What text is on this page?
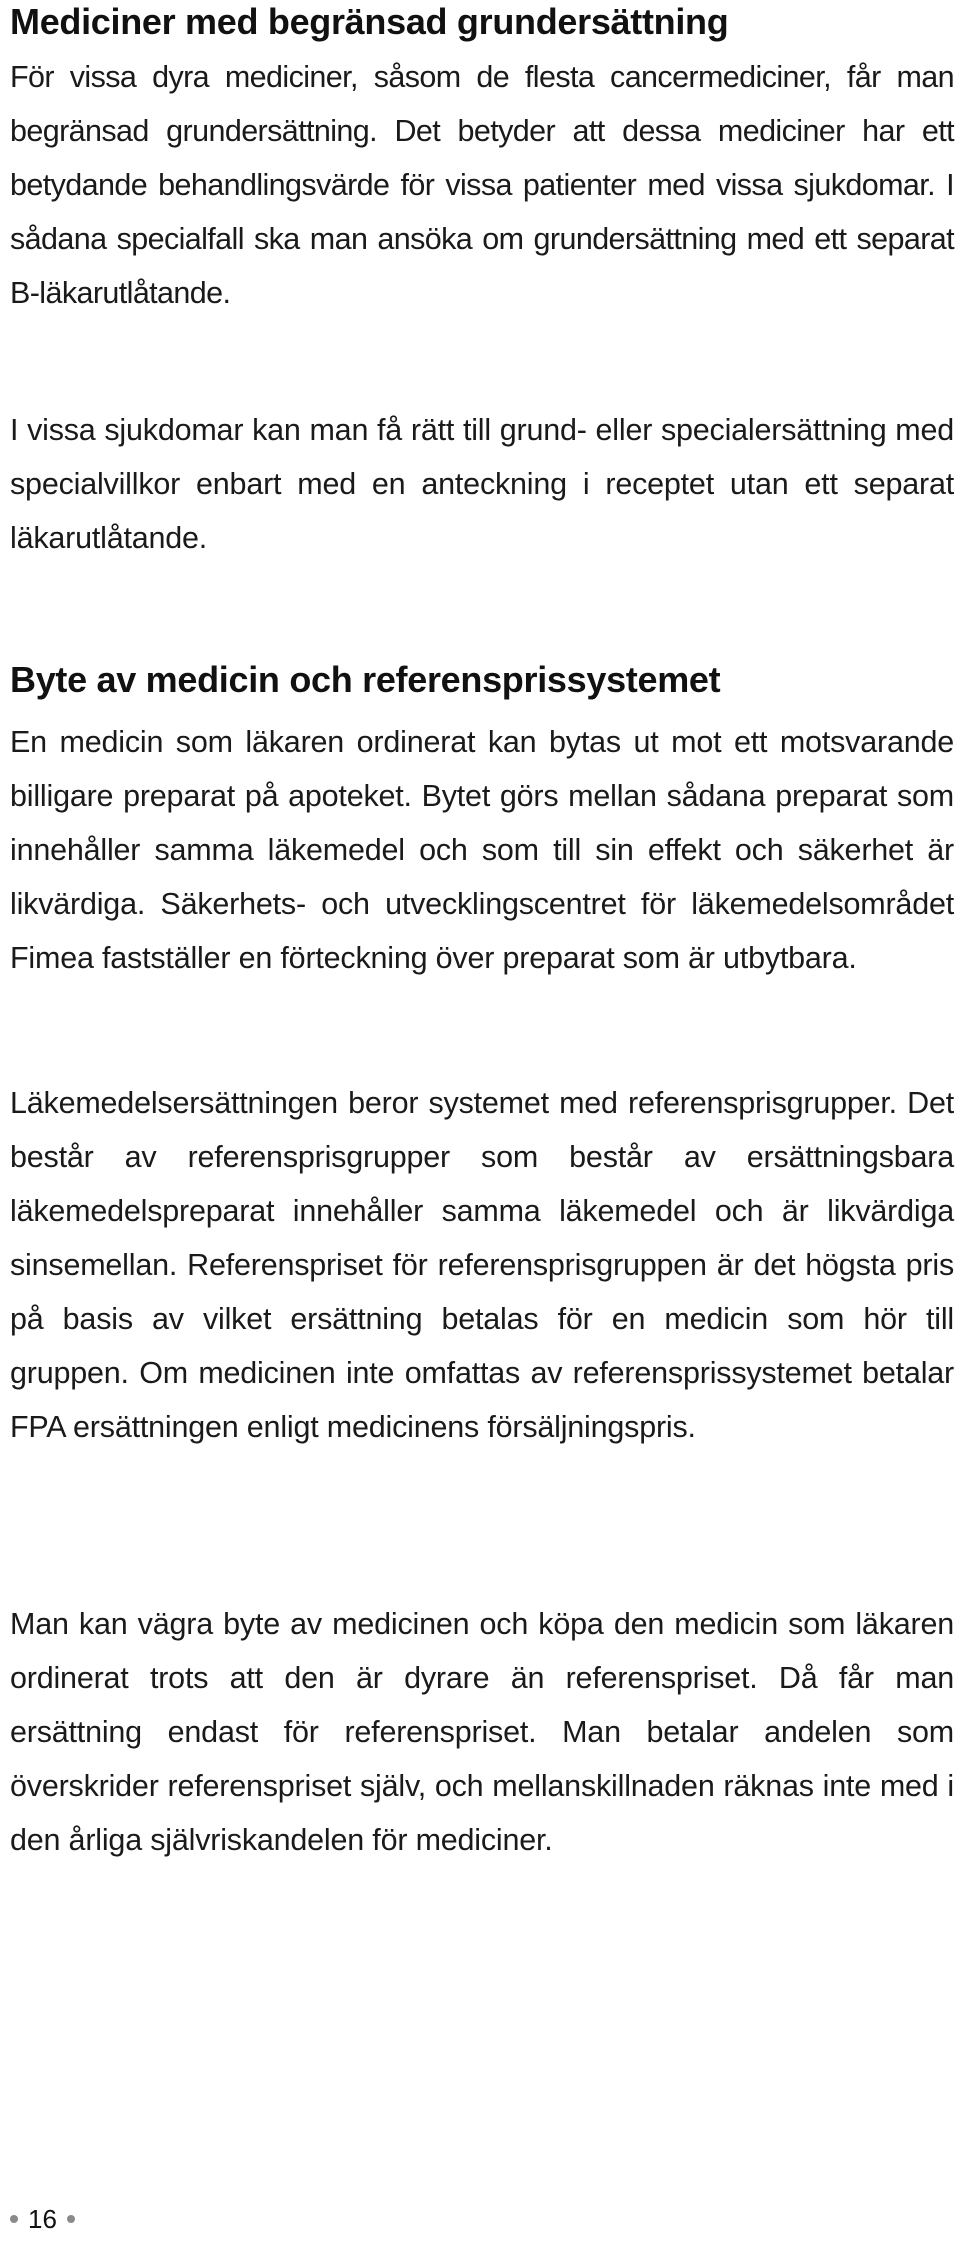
Mediciner med begränsad grundersättning

För vissa dyra mediciner, såsom de flesta cancermediciner, får man begränsad grundersättning. Det betyder att dessa mediciner har ett betydande behandlingsvärde för vissa patienter med vissa sjukdomar. I sådana specialfall ska man ansöka om grundersättning med ett separat B-läkarutlåtande.

I vissa sjukdomar kan man få rätt till grund- eller specialersättning med specialvillkor enbart med en anteckning i receptet utan ett separat läkarutlåtande.

Byte av medicin och referensprissystemet

En medicin som läkaren ordinerat kan bytas ut mot ett motsvarande billigare preparat på apoteket. Bytet görs mellan sådana preparat som innehåller samma läkemedel och som till sin effekt och säkerhet är likvärdiga. Säkerhets- och utvecklingscentret för läkemedelsområdet Fimea fastställer en förteckning över preparat som är utbytbara.

Läkemedelsersättningen beror systemet med referensprisgrupper. Det består av referensprisgrupper som består av ersättningsbara läkemedelspreparat innehåller samma läkemedel och är likvärdiga sinsemellan. Referenspriset för referensprisgruppen är det högsta pris på basis av vilket ersättning betalas för en medicin som hör till gruppen. Om medicinen inte omfattas av referensprissystemet betalar FPA ersättningen enligt medicinens försäljningspris.

Man kan vägra byte av medicinen och köpa den medicin som läkaren ordinerat trots att den är dyrare än referenspriset. Då får man ersättning endast för referenspriset. Man betalar andelen som överskrider referenspriset själv, och mellanskillnaden räknas inte med i den årliga självriskandelen för mediciner.

16
